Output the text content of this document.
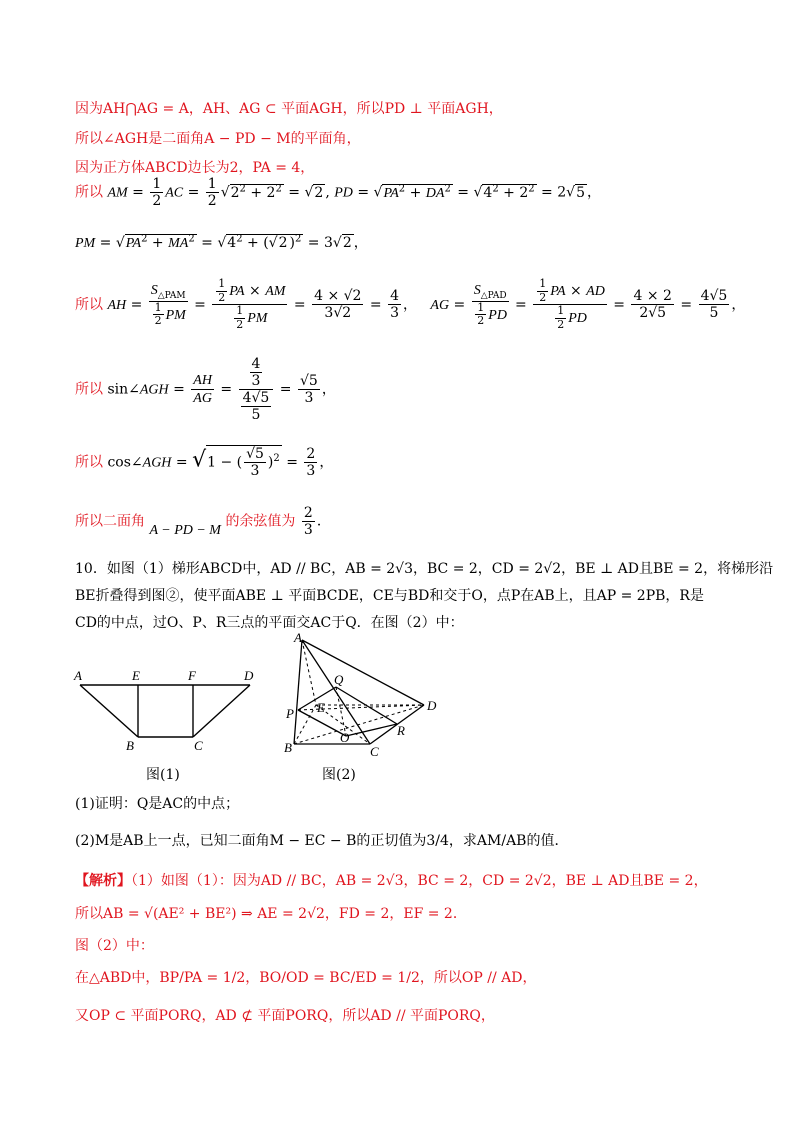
因为AH⋂AG = A，AH、AG ⊂ 平面AGH，所以PD ⊥ 平面AGH，
所以∠AGH是二面角A − PD − M的平面角，
因为正方体ABCD边长为2，PA = 4，
所以 AM = $\frac{1}{2}$ AC = $\frac{1}{2} √2^2 + 2^2 = √2$ , PD = $√PA^2 + DA^2 = √4^2 + 2^2 = 2√5$ ，
PM = $√PA^2 + MA^2 = √4^2 + (√2$ )$^2$ = 3√2 ，
所以 AH =
$S_{\triangle PAM}$
$\frac{1}{2}$ PM
= $\frac{\frac{1}{2} PA \times AM}{\frac{1}{2} PM} = \frac{4 \times √2}{3√2} = \frac{4}{3}$ ，   AG =
$S_{\triangle PAD}$
$\frac{1}{2}$ PD
= $\frac{\frac{1}{2} PA \times AD}{\frac{1}{2} PD} = \frac{4 \times 2}{2√5} = \frac{4√5}{5}$ ，
所以 sin∠AGH = $\frac{AH}{AG} = \frac{\frac{4}{3}}{\frac{4√5}{5}} = \frac{√5}{3}$ ，
所以 cos∠AGH = √1 − ( $\frac{√5}{3} )^2 = \frac{2}{3}$ ，
所以二面角 A − PD − M 的余弦值为 $\frac{2}{3}$ ．
10．如图（1）梯形ABCD中，AD // BC，AB = 2√3，BC = 2，CD = 2√2，BE ⊥ AD且BE = 2，将梯形沿
BE折叠得到图②，使平面ABE ⊥ 平面BCDE，CE与BD和交于O，点P在AB上，且AP = 2PB，R是
CD的中点，过O、P、R三点的平面交AC于Q．在图（2）中：
A	E	F	D
B	C
图(1)
A
Q
E
P
D
R
O
B	C
图(2)
(1)证明：Q是AC的中点；
(2)M是AB上一点，已知二面角M − EC − B的正切值为3/4，求AM/AB的值．
【解析】（1）如图（1）：因为AD // BC，AB = 2√3，BC = 2，CD = 2√2，BE ⊥ AD且BE = 2，
所以AB = √(AE² + BE²) ⇒ AE = 2√2，FD = 2，EF = 2．
图（2）中：
在△ABD中，BP/PA = 1/2，BO/OD = BC/ED = 1/2，所以OP // AD，
又OP ⊂ 平面PORQ，AD ⊄ 平面PORQ，所以AD // 平面PORQ，
